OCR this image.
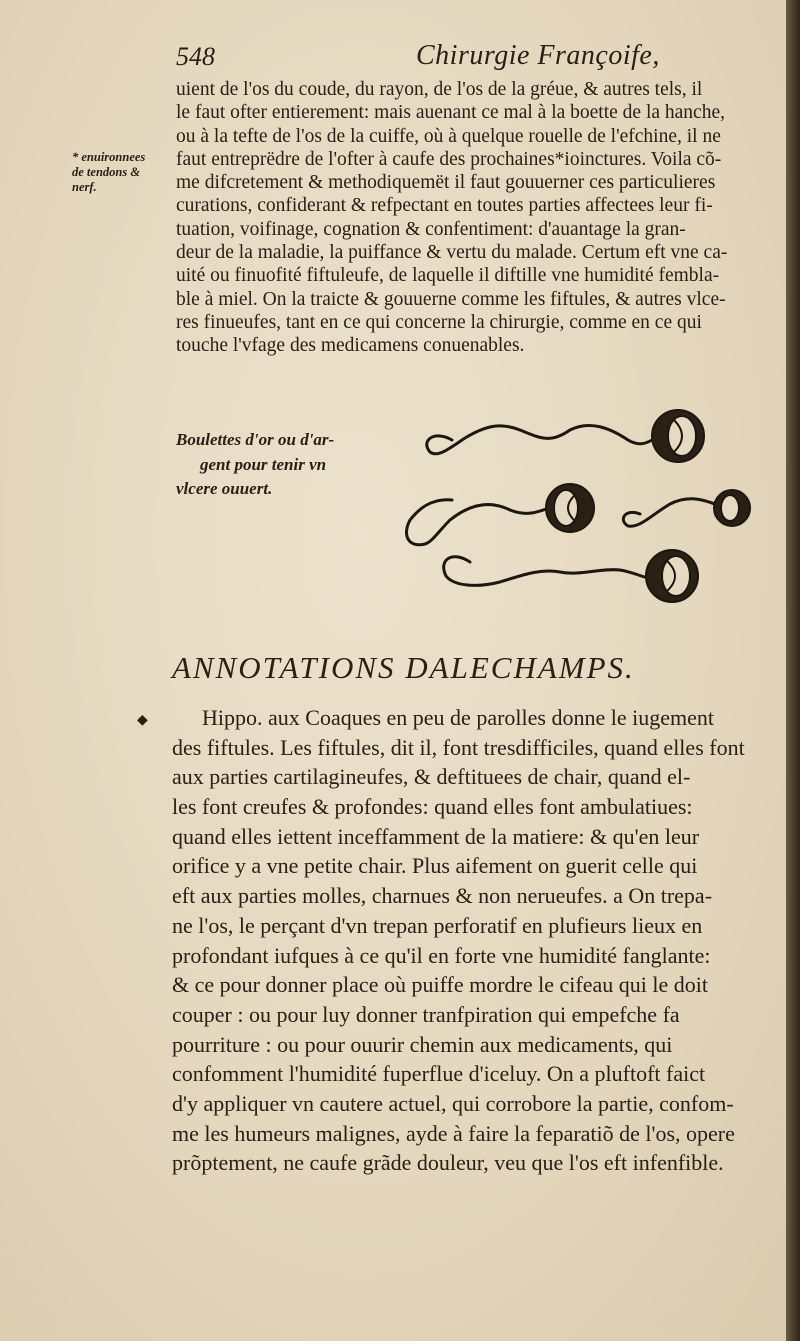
548	Chirurgie Françoife,
* enuironnees
de tendons &
nerf.
uient de l'os du coude, du rayon, de l'os de la gréue, & autres tels, il
le faut ofter entierement: mais auenant ce mal à la boette de la hanche,
ou à la tefte de l'os de la cuiffe, où à quelque rouelle de l'efchine, il ne
faut entreprëdre de l'ofter à caufe des prochaines*ioinctures. Voila cõ-
me difcretement & methodiquemët il faut gouuerner ces particulieres
curations, confiderant & refpectant en toutes parties affectees leur fi-
tuation, voifinage, cognation & confentiment: d'auantage la gran-
deur de la maladie, la puiffance & vertu du malade. Certum eft vne ca-
uité ou finuofité fiftuleufe, de laquelle il diftille vne humidité fembla-
ble à miel. On la traicte & gouuerne comme les fiftules, & autres vlce-
res finueufes, tant en ce qui concerne la chirurgie, comme en ce qui
touche l'vfage des medicamens conuenables.
Boulettes d'or ou d'ar-
gent pour tenir vn
vlcere ouuert.
ANNOTATIONS DALECHAMPS.
◆	Hippo. aux Coaques en peu de parolles donne le iugement
des fiftules. Les fiftules, dit il, font tresdifficiles, quand elles font
aux parties cartilagineufes, & deftituees de chair, quand el-
les font creufes & profondes: quand elles font ambulatiues:
quand elles iettent inceffamment de la matiere: & qu'en leur
orifice y a vne petite chair. Plus aifement on guerit celle qui
eft aux parties molles, charnues & non nerueufes. a On trepa-
ne l'os, le perçant d'vn trepan perforatif en plufieurs lieux en
profondant iufques à ce qu'il en forte vne humidité fanglante:
& ce pour donner place où puiffe mordre le cifeau qui le doit
couper : ou pour luy donner tranfpiration qui empefche fa
pourriture : ou pour ouurir chemin aux medicaments, qui
confomment l'humidité fuperflue d'iceluy. On a pluftoft faict
d'y appliquer vn cautere actuel, qui corrobore la partie, confom-
me les humeurs malignes, ayde à faire la feparatiõ de l'os, opere
prõptement, ne caufe grãde douleur, veu que l'os eft infenfible.
